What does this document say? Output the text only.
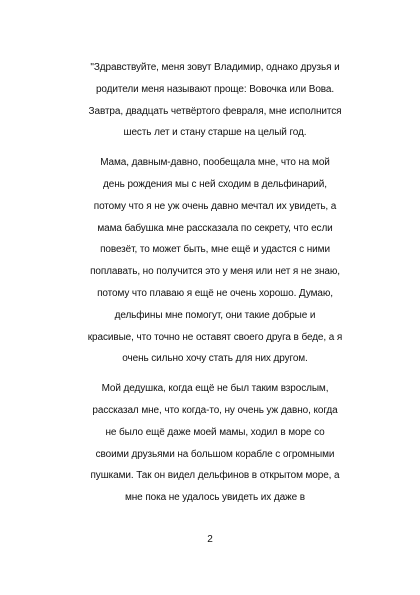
"Здравствуйте, меня зовут Владимир, однако друзья и
родители меня называют проще: Вовочка или Вова.
Завтра, двадцать четвёртого февраля, мне исполнится
шесть лет и стану старше на целый год.

Мама, давным-давно, пообещала мне, что на мой
день рождения мы с ней сходим в дельфинарий,
потому что я не уж очень давно мечтал их увидеть, а
мама бабушка мне рассказала по секрету, что если
повезёт, то может быть, мне ещё и удастся с ними
поплавать, но получится это у меня или нет я не знаю,
потому что плаваю я ещё не очень хорошо. Думаю,
дельфины мне помогут, они такие добрые и
красивые, что точно не оставят своего друга в беде, а я
очень сильно хочу стать для них другом.

Мой дедушка, когда ещё не был таким взрослым,
рассказал мне, что когда-то, ну очень уж давно, когда
не было ещё даже моей мамы, ходил в море со
своими друзьями на большом корабле с огромными
пушками. Так он видел дельфинов в открытом море, а
мне пока не удалось увидеть их даже в

2
